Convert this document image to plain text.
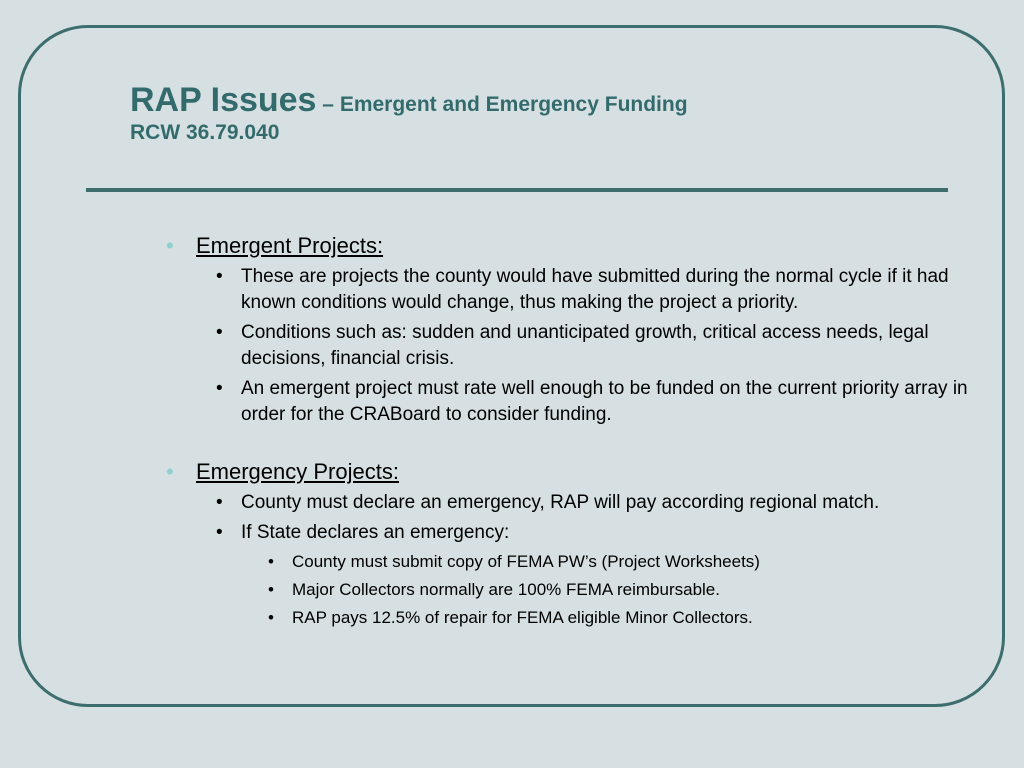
RAP Issues – Emergent and Emergency Funding
RCW 36.79.040
• Emergent Projects:
• These are projects the county would have submitted during the normal cycle if it had known conditions would change, thus making the project a priority.
• Conditions such as: sudden and unanticipated growth, critical access needs, legal decisions, financial crisis.
• An emergent project must rate well enough to be funded on the current priority array in order for the CRABoard to consider funding.
• Emergency Projects:
• County must declare an emergency, RAP will pay according regional match.
• If State declares an emergency:
• County must submit copy of FEMA PW’s (Project Worksheets)
• Major Collectors normally are 100% FEMA reimbursable.
• RAP pays 12.5% of repair for FEMA eligible Minor Collectors.
